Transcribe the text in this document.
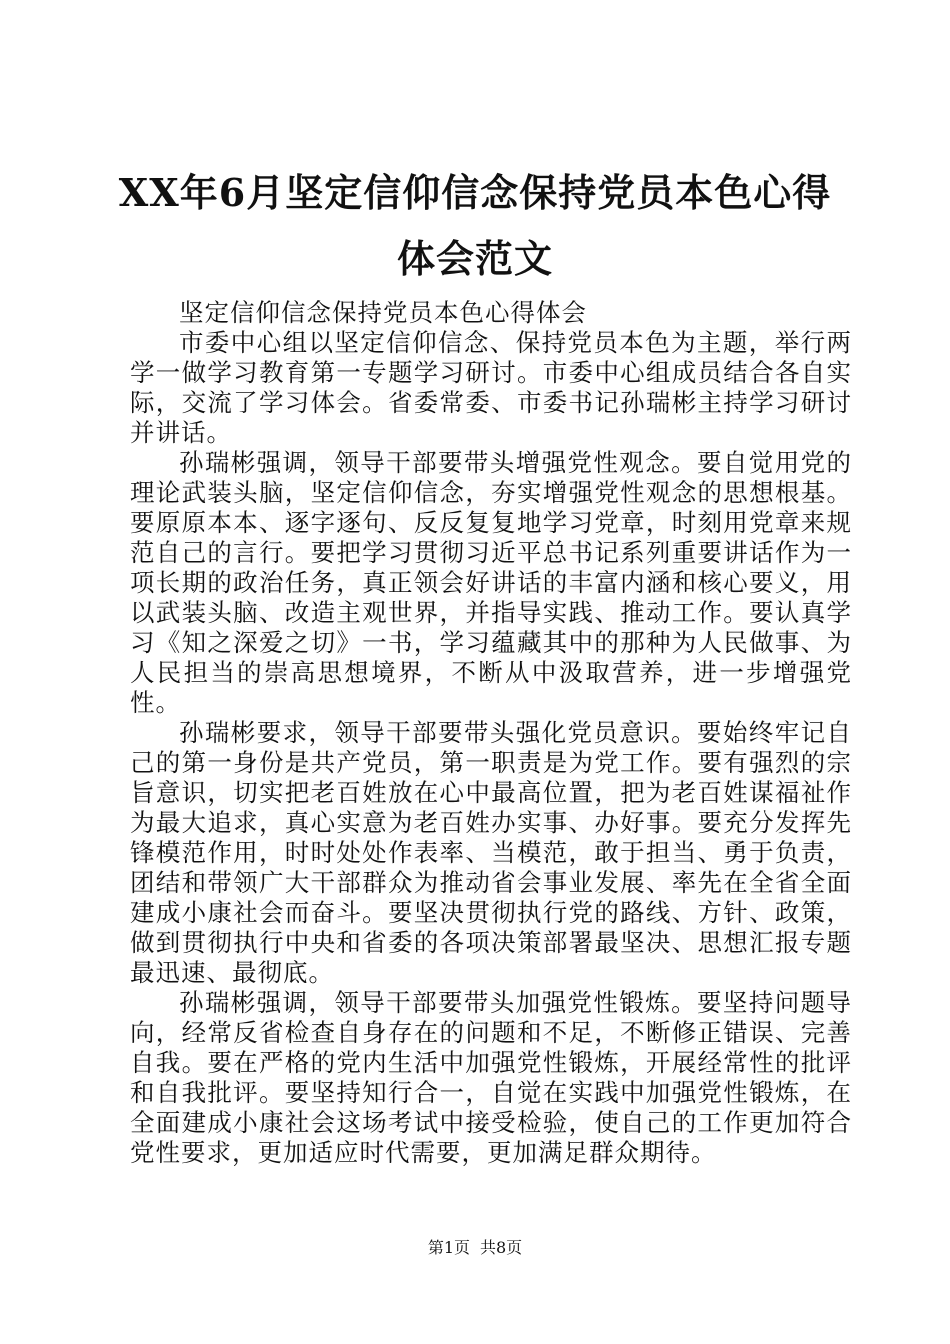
XX年6月坚定信仰信念保持党员本色心得体会范文

坚定信仰信念保持党员本色心得体会

市委中心组以坚定信仰信念、保持党员本色为主题，举行两学一做学习教育第一专题学习研讨。市委中心组成员结合各自实际，交流了学习体会。省委常委、市委书记孙瑞彬主持学习研讨并讲话。

孙瑞彬强调，领导干部要带头增强党性观念。要自觉用党的理论武装头脑，坚定信仰信念，夯实增强党性观念的思想根基。要原原本本、逐字逐句、反反复复地学习党章，时刻用党章来规范自己的言行。要把学习贯彻习近平总书记系列重要讲话作为一项长期的政治任务，真正领会好讲话的丰富内涵和核心要义，用以武装头脑、改造主观世界，并指导实践、推动工作。要认真学习《知之深爱之切》一书，学习蕴藏其中的那种为人民做事、为人民担当的崇高思想境界，不断从中汲取营养，进一步增强党性。

孙瑞彬要求，领导干部要带头强化党员意识。要始终牢记自己的第一身份是共产党员，第一职责是为党工作。要有强烈的宗旨意识，切实把老百姓放在心中最高位置，把为老百姓谋福祉作为最大追求，真心实意为老百姓办实事、办好事。要充分发挥先锋模范作用，时时处处作表率、当模范，敢于担当、勇于负责，团结和带领广大干部群众为推动省会事业发展、率先在全省全面建成小康社会而奋斗。要坚决贯彻执行党的路线、方针、政策，做到贯彻执行中央和省委的各项决策部署最坚决、思想汇报专题最迅速、最彻底。

孙瑞彬强调，领导干部要带头加强党性锻炼。要坚持问题导向，经常反省检查自身存在的问题和不足，不断修正错误、完善自我。要在严格的党内生活中加强党性锻炼，开展经常性的批评和自我批评。要坚持知行合一，自觉在实践中加强党性锻炼，在全面建成小康社会这场考试中接受检验，使自己的工作更加符合党性要求，更加适应时代需要，更加满足群众期待。

第1页 共8页
